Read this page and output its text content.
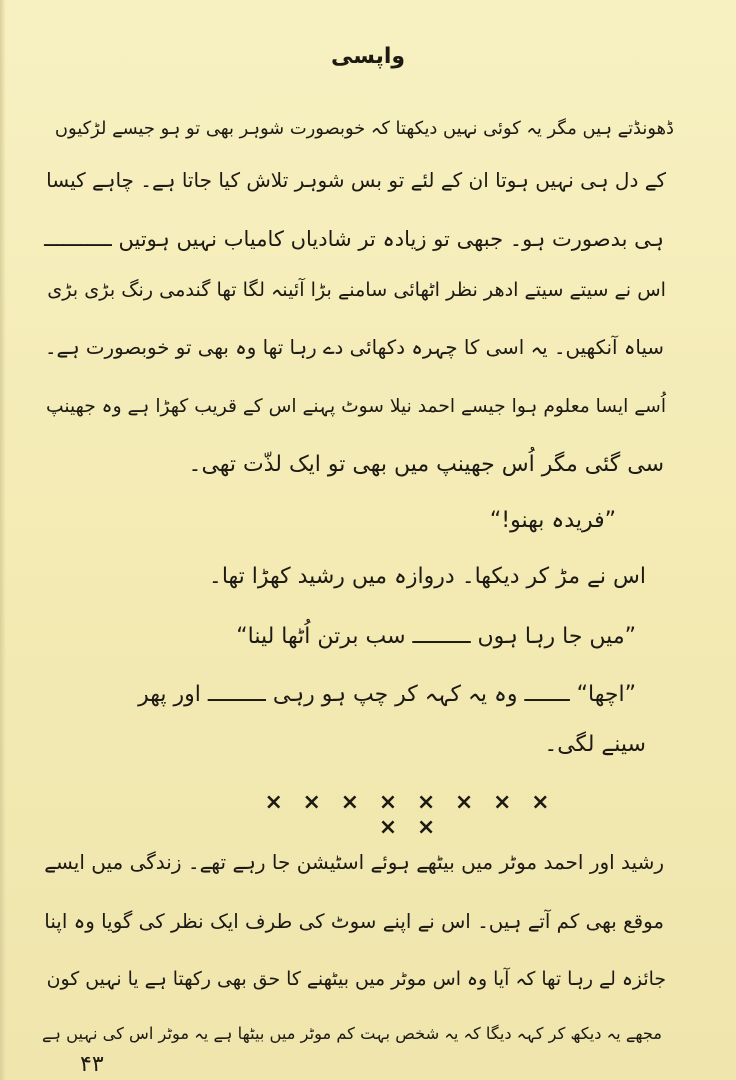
واپسی
ڈھونڈتے ہیں مگر یہ کوئی نہیں دیکھتا کہ خوبصورت شوہر بھی تو ہو جیسے لڑکیوں
کے دل ہی نہیں ہوتا ان کے لئے تو بس شوہر تلاش کیا جاتا ہے۔ چاہے کیسا
ہی بدصورت ہو۔ جبھی تو زیادہ تر شادیاں کامیاب نہیں ہوتیں ـــــــــــ
اس نے سیتے سیتے ادھر نظر اٹھائی سامنے بڑا آئینہ لگا تھا گندمی رنگ بڑی بڑی
سیاہ آنکھیں۔ یہ اسی کا چہرہ دکھائی دے رہا تھا وہ بھی تو خوبصورت ہے۔
اُسے ایسا معلوم ہوا جیسے احمد نیلا سوٹ پہنے اس کے قریب کھڑا ہے وہ جھینپ
سی گئی مگر اُس جھینپ میں بھی تو ایک لذّت تھی۔
”فریدہ بھنو!“
اس نے مڑ کر دیکھا۔ دروازہ میں رشید کھڑا تھا۔
”میں جا رہا ہوں ـــــــــ سب برتن اُٹھا لینا“
”اچھا“ ـــــــ وہ یہ کہہ کر چپ ہو رہی ـــــــــ اور پھر
سینے لگی۔
× × × × × × × × × ×
رشید اور احمد موٹر میں بیٹھے ہوئے اسٹیشن جا رہے تھے۔ زندگی میں ایسے
موقع بھی کم آتے ہیں۔ اس نے اپنے سوٹ کی طرف ایک نظر کی گویا وہ اپنا
جائزہ لے رہا تھا کہ آیا وہ اس موٹر میں بیٹھنے کا حق بھی رکھتا ہے یا نہیں کون
مجھے یہ دیکھ کر کہہ دیگا کہ یہ شخص بہت کم موٹر میں بیٹھا ہے یہ موٹر اس کی نہیں ہے
۴۳
